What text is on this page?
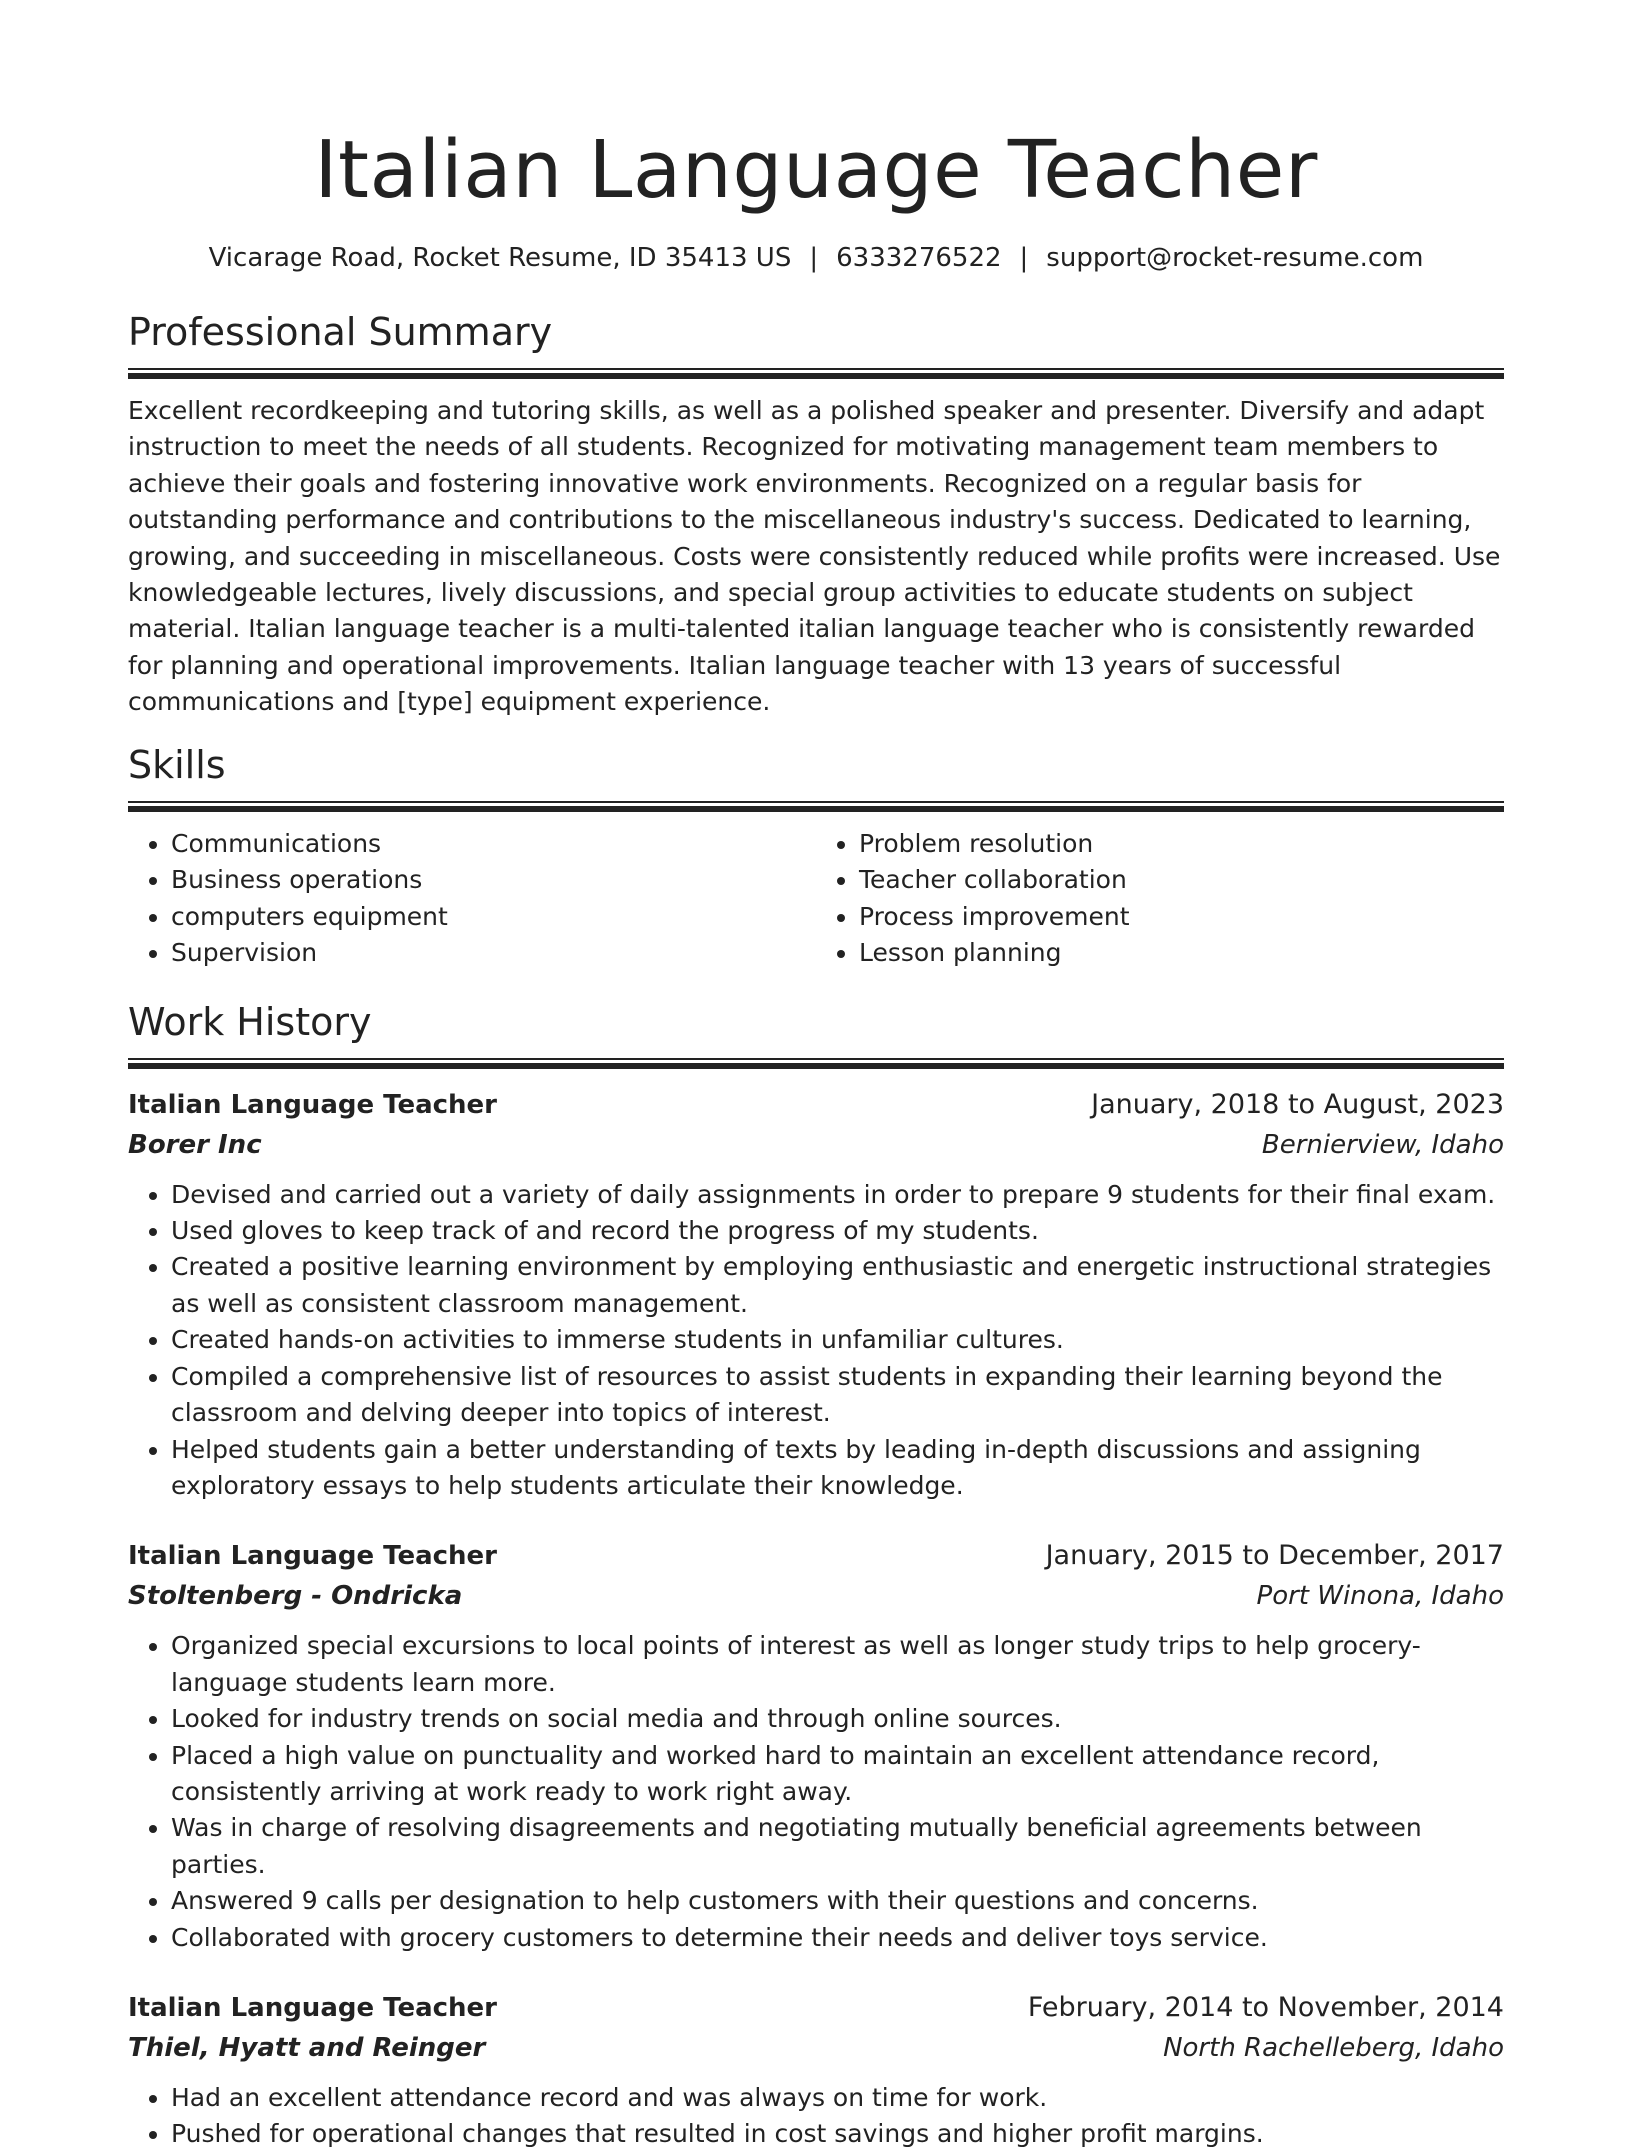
Italian Language Teacher
Vicarage Road, Rocket Resume, ID 35413 US | 6333276522 | support@rocket-resume.com
Professional Summary

Excellent recordkeeping and tutoring skills, as well as a polished speaker and presenter. Diversify and adapt instruction to meet the needs of all students. Recognized for motivating management team members to achieve their goals and fostering innovative work environments. Recognized on a regular basis for outstanding performance and contributions to the miscellaneous industry's success. Dedicated to learning, growing, and succeeding in miscellaneous. Costs were consistently reduced while profits were increased. Use knowledgeable lectures, lively discussions, and special group activities to educate students on subject material. Italian language teacher is a multi-talented italian language teacher who is consistently rewarded for planning and operational improvements. Italian language teacher with 13 years of successful communications and [type] equipment experience.

Skills
• Communications
• Business operations
• computers equipment
• Supervision
• Problem resolution
• Teacher collaboration
• Process improvement
• Lesson planning
Work History
Italian Language Teacher	January, 2018 to August, 2023
Borer Inc	Bernierview, Idaho
• Devised and carried out a variety of daily assignments in order to prepare 9 students for their final exam.
• Used gloves to keep track of and record the progress of my students.
• Created a positive learning environment by employing enthusiastic and energetic instructional strategies as well as consistent classroom management.
• Created hands-on activities to immerse students in unfamiliar cultures.
• Compiled a comprehensive list of resources to assist students in expanding their learning beyond the classroom and delving deeper into topics of interest.
• Helped students gain a better understanding of texts by leading in-depth discussions and assigning exploratory essays to help students articulate their knowledge.
Italian Language Teacher	January, 2015 to December, 2017
Stoltenberg - Ondricka	Port Winona, Idaho
• Organized special excursions to local points of interest as well as longer study trips to help grocery-language students learn more.
• Looked for industry trends on social media and through online sources.
• Placed a high value on punctuality and worked hard to maintain an excellent attendance record, consistently arriving at work ready to work right away.
• Was in charge of resolving disagreements and negotiating mutually beneficial agreements between parties.
• Answered 9 calls per designation to help customers with their questions and concerns.
• Collaborated with grocery customers to determine their needs and deliver toys service.
Italian Language Teacher	February, 2014 to November, 2014
Thiel, Hyatt and Reinger	North Rachelleberg, Idaho
• Had an excellent attendance record and was always on time for work.
• Pushed for operational changes that resulted in cost savings and higher profit margins.
